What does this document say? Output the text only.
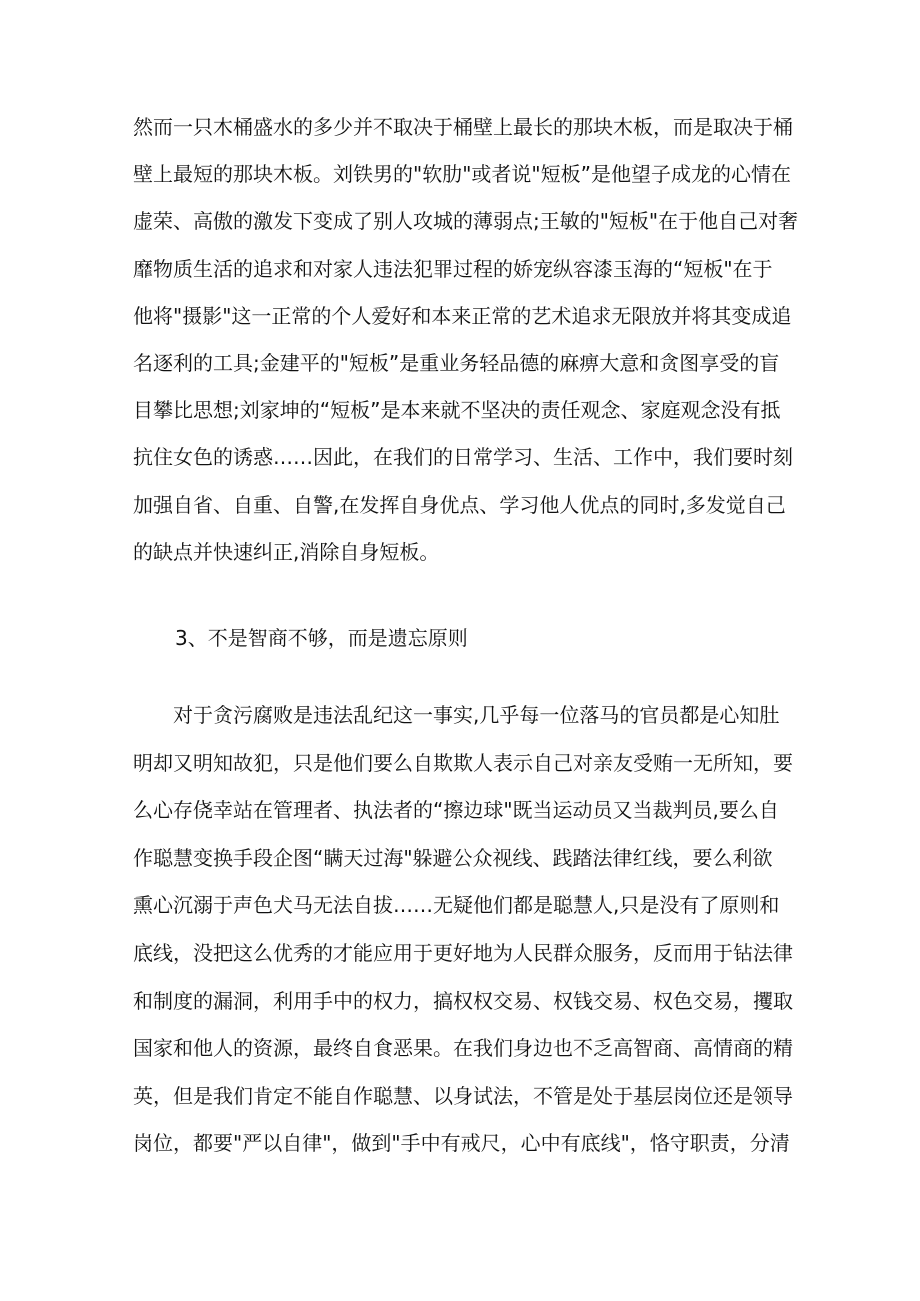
然而一只木桶盛水的多少并不取决于桶壁上最长的那块木板，而是取决于桶

壁上最短的那块木板。刘铁男的"软肋"或者说"短板”是他望子成龙的心情在

虚荣、高傲的激发下变成了别人攻城的薄弱点;王敏的"短板"在于他自己对奢

靡物质生活的追求和对家人违法犯罪过程的娇宠纵容漆玉海的“短板"在于

他将"摄影"这一正常的个人爱好和本来正常的艺术追求无限放并将其变成追

名逐利的工具;金建平的"短板”是重业务轻品德的麻痹大意和贪图享受的盲

目攀比思想;刘家坤的“短板”是本来就不坚决的责任观念、家庭观念没有抵

抗住女色的诱惑……因此，在我们的日常学习、生活、工作中，我们要时刻

加强自省、自重、自警,在发挥自身优点、学习他人优点的同时,多发觉自己

的缺点并快速纠正,消除自身短板。

3、不是智商不够，而是遗忘原则

　　对于贪污腐败是违法乱纪这一事实,几乎每一位落马的官员都是心知肚

明却又明知故犯，只是他们要么自欺欺人表示自己对亲友受贿一无所知，要

么心存侥幸站在管理者、执法者的“擦边球"既当运动员又当裁判员,要么自

作聪慧变换手段企图“瞒天过海"躲避公众视线、践踏法律红线，要么利欲

熏心沉溺于声色犬马无法自拔……无疑他们都是聪慧人,只是没有了原则和

底线，没把这么优秀的才能应用于更好地为人民群众服务，反而用于钻法律

和制度的漏洞，利用手中的权力，搞权权交易、权钱交易、权色交易，攫取

国家和他人的资源，最终自食恶果。在我们身边也不乏高智商、高情商的精

英，但是我们肯定不能自作聪慧、以身试法，不管是处于基层岗位还是领导

岗位，都要"严以自律"，做到"手中有戒尺，心中有底线"，恪守职责，分清
